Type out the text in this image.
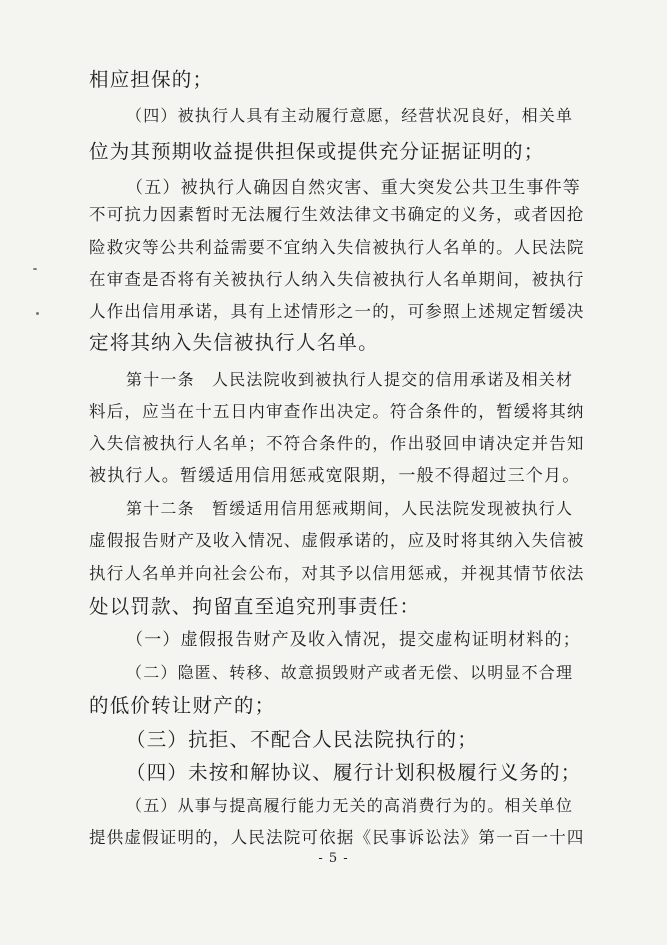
相应担保的；
（四）被执行人具有主动履行意愿，经营状况良好，相关单
位为其预期收益提供担保或提供充分证据证明的；
（五）被执行人确因自然灾害、重大突发公共卫生事件等
不可抗力因素暂时无法履行生效法律文书确定的义务，或者因抢
险救灾等公共利益需要不宜纳入失信被执行人名单的。人民法院
在审查是否将有关被执行人纳入失信被执行人名单期间，被执行
人作出信用承诺，具有上述情形之一的，可参照上述规定暂缓决
定将其纳入失信被执行人名单。
第十一条　人民法院收到被执行人提交的信用承诺及相关材
料后，应当在十五日内审查作出决定。符合条件的，暂缓将其纳
入失信被执行人名单；不符合条件的，作出驳回申请决定并告知
被执行人。暂缓适用信用惩戒宽限期，一般不得超过三个月。
第十二条　暂缓适用信用惩戒期间，人民法院发现被执行人
虚假报告财产及收入情况、虚假承诺的，应及时将其纳入失信被
执行人名单并向社会公布，对其予以信用惩戒，并视其情节依法
处以罚款、拘留直至追究刑事责任：
（一）虚假报告财产及收入情况，提交虚构证明材料的；
（二）隐匿、转移、故意损毁财产或者无偿、以明显不合理
的低价转让财产的；
（三）抗拒、不配合人民法院执行的；
（四）未按和解协议、履行计划积极履行义务的；
（五）从事与提高履行能力无关的高消费行为的。相关单位
提供虚假证明的，人民法院可依据《民事诉讼法》第一百一十四
- 5 -
